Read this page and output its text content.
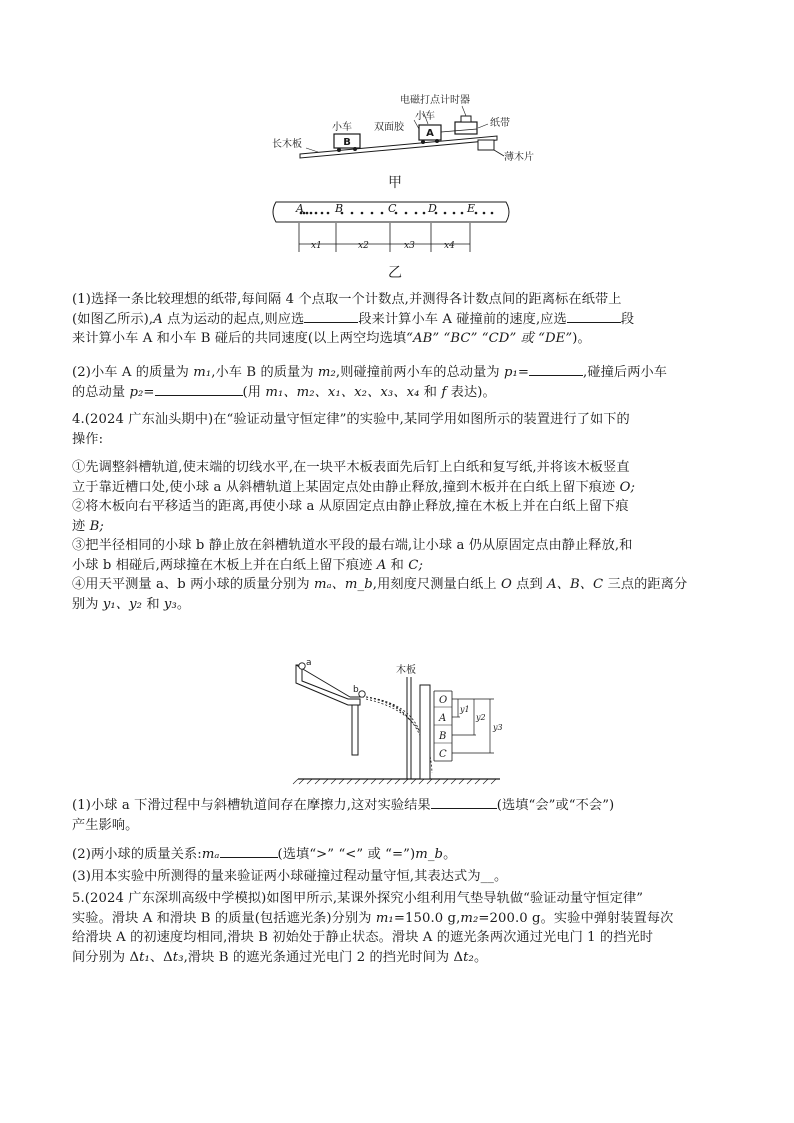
B
A
电磁打点计时器
小车 双面胶
小车
纸带
长木板
薄木片
甲
A	B	C	D	E
x1	x2	x3	x4
乙
(1)选择一条比较理想的纸带,每间隔 4 个点取一个计数点,并测得各计数点间的距离标在纸带上
(如图乙所示),A 点为运动的起点,则应选	段来计算小车 A 碰撞前的速度,应选	段
来计算小车 A 和小车 B 碰后的共同速度(以上两空均选填“AB” “BC” “CD” 或 “DE”)。
(2)小车 A 的质量为 m₁,小车 B 的质量为 m₂,则碰撞前两小车的总动量为 p₁=	,碰撞后两小车
的总动量 p₂=	(用 m₁、m₂、x₁、x₂、x₃、x₄ 和 f 表达)。
4.(2024 广东汕头期中)在“验证动量守恒定律”的实验中,某同学用如图所示的装置进行了如下的
操作:
①先调整斜槽轨道,使末端的切线水平,在一块平木板表面先后钉上白纸和复写纸,并将该木板竖直
立于靠近槽口处,使小球 a 从斜槽轨道上某固定点处由静止释放,撞到木板并在白纸上留下痕迹 O;
②将木板向右平移适当的距离,再使小球 a 从原固定点由静止释放,撞在木板上并在白纸上留下痕
迹 B;
③把半径相同的小球 b 静止放在斜槽轨道水平段的最右端,让小球 a 仍从原固定点由静止释放,和
小球 b 相碰后,两球撞在木板上并在白纸上留下痕迹 A 和 C;
④用天平测量 a、b 两小球的质量分别为 mₐ、m_b,用刻度尺测量白纸上 O 点到 A、B、C 三点的距离分
别为 y₁、y₂ 和 y₃。
a
b
木板
O
A
B
C
y1
y2
y3
(1)小球 a 下滑过程中与斜槽轨道间存在摩擦力,这对实验结果	(选填“会”或“不会”)
产生影响。
(2)两小球的质量关系:mₐ	(选填“>” “<” 或 “=”)m_b。
(3)用本实验中所测得的量来验证两小球碰撞过程动量守恒,其表达式为__。
5.(2024 广东深圳高级中学模拟)如图甲所示,某课外探究小组利用气垫导轨做“验证动量守恒定律”
实验。滑块 A 和滑块 B 的质量(包括遮光条)分别为 m₁=150.0 g,m₂=200.0 g。实验中弹射装置每次
给滑块 A 的初速度均相同,滑块 B 初始处于静止状态。滑块 A 的遮光条两次通过光电门 1 的挡光时
间分别为 Δt₁、Δt₃,滑块 B 的遮光条通过光电门 2 的挡光时间为 Δt₂。
